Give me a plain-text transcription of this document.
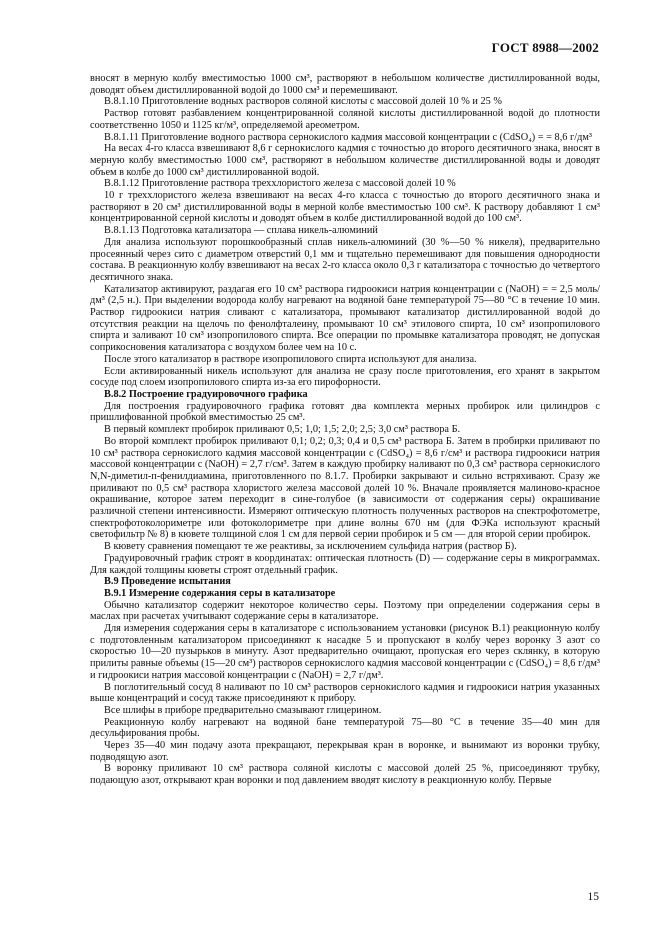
ГОСТ 8988—2002

вносят в мерную колбу вместимостью 1000 см³, растворяют в небольшом количестве дистиллированной воды, доводят объем дистиллированной водой до 1000 см³ и перемешивают.

В.8.1.10 Приготовление водных растворов соляной кислоты с массовой долей 10 % и 25 %

Раствор готовят разбавлением концентрированной соляной кислоты дистиллированной водой до плотности соответственно 1050 и 1125 кг/м³, определяемой ареометром.

В.8.1.11 Приготовление водного раствора сернокислого кадмия массовой концентрации c (CdSO₄) = = 8,6 г/дм³

На весах 4-го класса взвешивают 8,6 г сернокислого кадмия с точностью до второго десятичного знака, вносят в мерную колбу вместимостью 1000 см³, растворяют в небольшом количестве дистиллированной воды и доводят объем в колбе до 1000 см³ дистиллированной водой.

В.8.1.12 Приготовление раствора треххлористого железа с массовой долей 10 %

10 г треххлористого железа взвешивают на весах 4-го класса с точностью до второго десятичного знака и растворяют в 20 см³ дистиллированной воды в мерной колбе вместимостью 100 см³. К раствору добавляют 1 см³ концентрированной серной кислоты и доводят объем в колбе дистиллированной водой до 100 см³.

В.8.1.13 Подготовка катализатора — сплава никель-алюминий

Для анализа используют порошкообразный сплав никель-алюминий (30 %—50 % никеля), предварительно просеянный через сито с диаметром отверстий 0,1 мм и тщательно перемешивают для повышения однородности состава. В реакционную колбу взвешивают на весах 2-го класса около 0,3 г катализатора с точностью до четвертого десятичного знака.

Катализатор активируют, раздагая его 10 см³ раствора гидроокиси натрия концентрации c (NaOH) = = 2,5 моль/дм³ (2,5 н.). При выделении водорода колбу нагревают на водяной бане температурой 75—80 °С в течение 10 мин. Раствор гидроокиси натрия сливают с катализатора, промывают катализатор дистиллированной водой до отсутствия реакции на щелочь по фенолфталеину, промывают 10 см³ этилового спирта, 10 см³ изопропилового спирта и заливают 10 см³ изопропилового спирта. Все операции по промывке катализатора проводят, не допуская соприкосновения катализатора с воздухом более чем на 10 с.

После этого катализатор в растворе изопропилового спирта используют для анализа.

Если активированный никель используют для анализа не сразу после приготовления, его хранят в закрытом сосуде под слоем изопропилового спирта из-за его пирофорности.

В.8.2 Построение градуировочного графика

Для построения градуировочного графика готовят два комплекта мерных пробирок или цилиндров с пришлифованной пробкой вместимостью 25 см³.

В первый комплект пробирок приливают 0,5; 1,0; 1,5; 2,0; 2,5; 3,0 см³ раствора Б.

Во второй комплект пробирок приливают 0,1; 0,2; 0,3; 0,4 и 0,5 см³ раствора Б. Затем в пробирки приливают по 10 см³ раствора сернокислого кадмия массовой концентрации c (CdSO₄) = 8,6 г/см³ и раствора гидроокиси натрия массовой концентрации c (NaOH) = 2,7 г/см³. Затем в каждую пробирку наливают по 0,3 см³ раствора сернокислого N,N-диметил-п-фенилдиамина, приготовленного по 8.1.7. Пробирки закрывают и сильно встряхивают. Сразу же приливают по 0,5 см³ раствора хлористого железа массовой долей 10 %. Вначале проявляется малиново-красное окрашивание, которое затем переходит в сине-голубое (в зависимости от содержания серы) окрашивание различной степени интенсивности. Измеряют оптическую плотность полученных растворов на спектрофотометре, спектрофотоколориметре или фотоколориметре при длине волны 670 нм (для ФЭКа используют красный светофильтр № 8) в кювете толщиной слоя 1 см для первой серии пробирок и 5 см — для второй серии пробирок.

В кювету сравнения помещают те же реактивы, за исключением сульфида натрия (раствор Б).

Градуировочный график строят в координатах: оптическая плотность (D) — содержание серы в микрограммах. Для каждой толщины кюветы строят отдельный график.

В.9 Проведение испытания
В.9.1 Измерение содержания серы в катализаторе

Обычно катализатор содержит некоторое количество серы. Поэтому при определении содержания серы в маслах при расчетах учитывают содержание серы в катализаторе.

Для измерения содержания серы в катализаторе с использованием установки (рисунок В.1) реакционную колбу с подготовленным катализатором присоединяют к насадке 5 и пропускают в колбу через воронку 3 азот со скоростью 10—20 пузырьков в минуту. Азот предварительно очищают, пропуская его через склянку, в которую прилиты равные объемы (15—20 см³) растворов сернокислого кадмия массовой концентрации c (CdSO₄) = 8,6 г/дм³ и гидроокиси натрия массовой концентрации c (NaOH) = 2,7 г/дм³.

В поглотительный сосуд 8 наливают по 10 см³ растворов сернокислого кадмия и гидроокиси натрия указанных выше концентраций и сосуд также присоединяют к прибору.

Все шлифы в приборе предварительно смазывают глицерином.

Реакционную колбу нагревают на водяной бане температурой 75—80 °С в течение 35—40 мин для десульфирования пробы.

Через 35—40 мин подачу азота прекращают, перекрывая кран в воронке, и вынимают из воронки трубку, подводящую азот.

В воронку приливают 10 см³ раствора соляной кислоты с массовой долей 25 %, присоединяют трубку, подающую азот, открывают кран воронки и под давлением вводят кислоту в реакционную колбу. Первые

15
